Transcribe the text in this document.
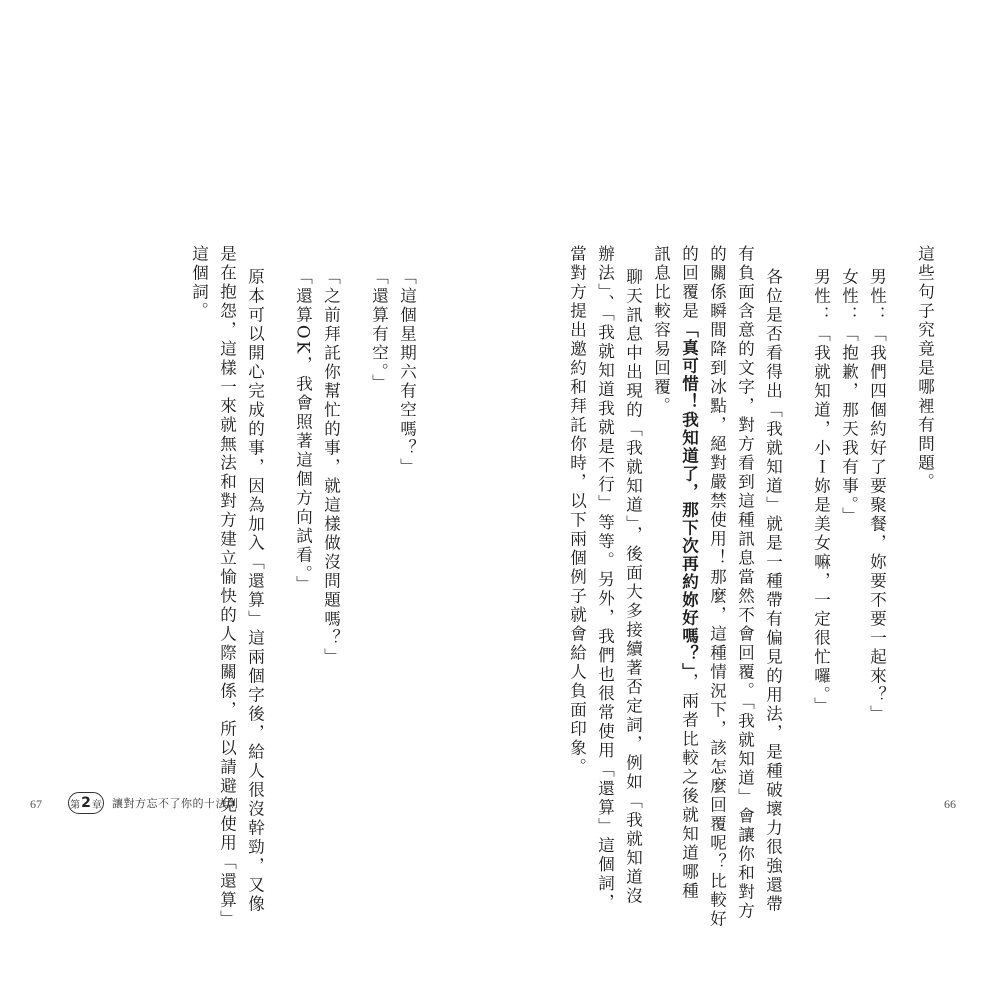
這些句子究竟是哪裡有問題。
男性：「我們四個約好了要聚餐，妳要不要一起來？」
女性：「抱歉，那天我有事。」
男性：「我就知道，小Ｉ妳是美女嘛，一定很忙囉。」
各位是否看得出「我就知道」就是一種帶有偏見的用法，是種破壞力很強還帶
有負面含意的文字，對方看到這種訊息當然不會回覆。「我就知道」會讓你和對方
的關係瞬間降到冰點，絕對嚴禁使用！那麼，這種情況下，該怎麼回覆呢？比較好
的回覆是「真可惜！我知道了，那下次再約妳好嗎？」，兩者比較之後就知道哪種
訊息比較容易回覆。
聊天訊息中出現的「我就知道」，後面大多接續著否定詞，例如「我就知道沒
辦法」、「我就知道我就是不行」等等。另外，我們也很常使用「還算」這個詞，
當對方提出邀約和拜託你時，以下兩個例子就會給人負面印象。
66
「這個星期六有空嗎？」
「還算有空。」
「之前拜託你幫忙的事，就這樣做沒問題嗎？」
「還算OK，我會照著這個方向試看。」
原本可以開心完成的事，因為加入「還算」這兩個字後，給人很沒幹勁，又像
是在抱怨，這樣一來就無法和對方建立愉快的人際關係，所以請避免使用「還算」
這個詞。
67	第 2 章 讓對方忘不了你的十法則
